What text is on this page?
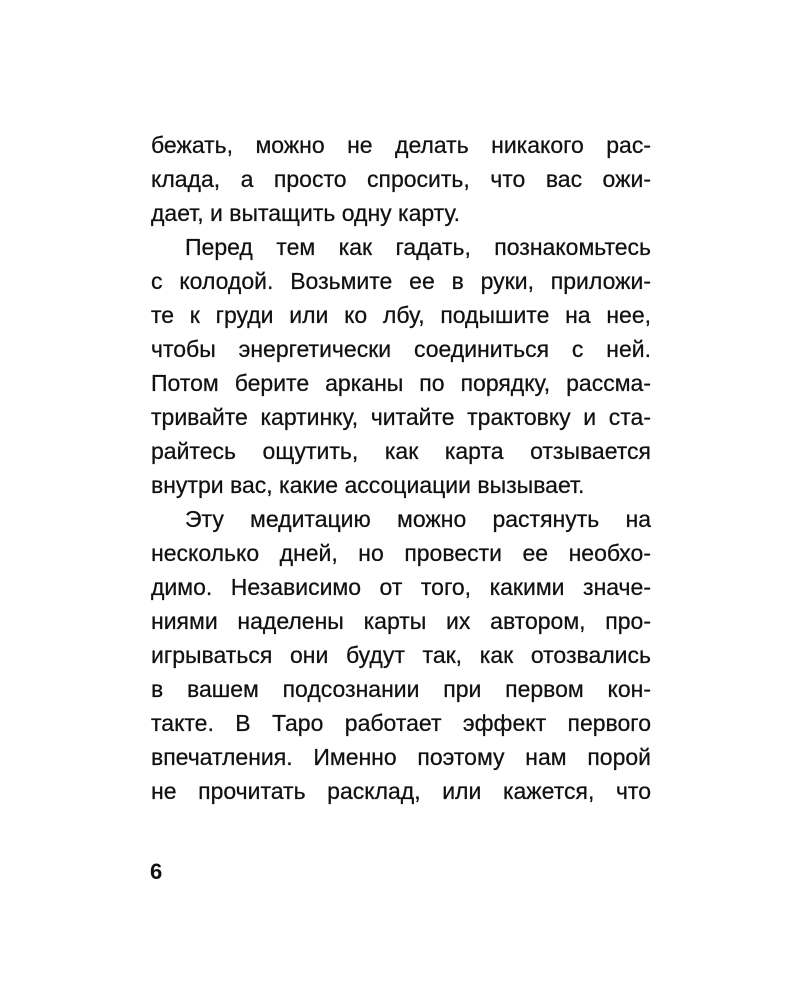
бежать, можно не делать никакого рас-
клада, а просто спросить, что вас ожи-
дает, и вытащить одну карту.
Перед тем как гадать, познакомьтесь
с колодой. Возьмите ее в руки, приложи-
те к груди или ко лбу, подышите на нее,
чтобы энергетически соединиться с ней.
Потом берите арканы по порядку, рассма-
тривайте картинку, читайте трактовку и ста-
райтесь ощутить, как карта отзывается
внутри вас, какие ассоциации вызывает.
Эту медитацию можно растянуть на
несколько дней, но провести ее необхо-
димо. Независимо от того, какими значе-
ниями наделены карты их автором, про-
игрываться они будут так, как отозвались
в вашем подсознании при первом кон-
такте. В Таро работает эффект первого
впечатления. Именно поэтому нам порой
не прочитать расклад, или кажется, что
6
